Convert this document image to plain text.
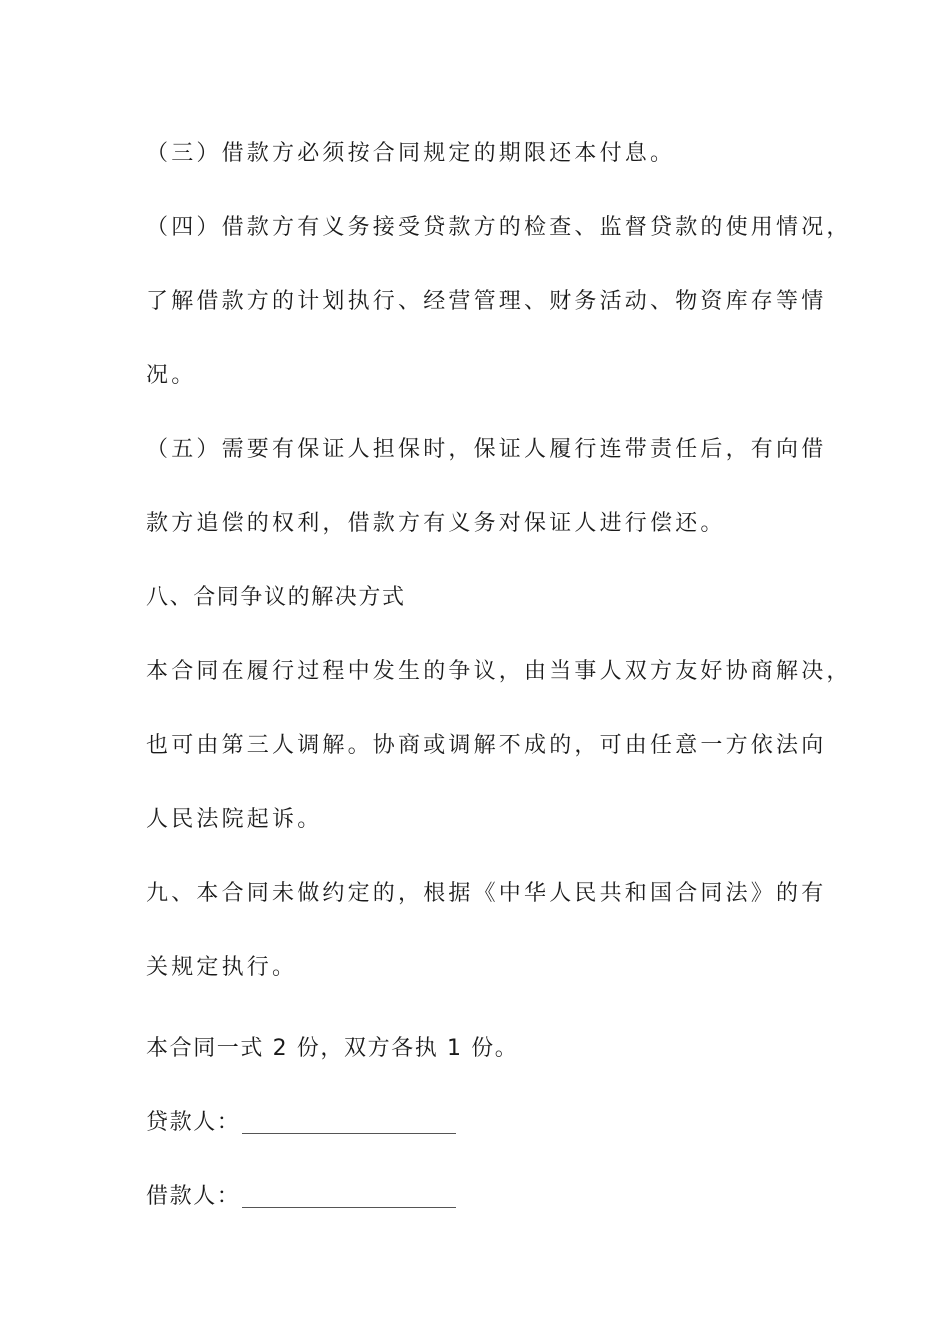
（三）借款方必须按合同规定的期限还本付息。
（四）借款方有义务接受贷款方的检查、监督贷款的使用情况，
了解借款方的计划执行、经营管理、财务活动、物资库存等情
况。
（五）需要有保证人担保时，保证人履行连带责任后，有向借
款方追偿的权利，借款方有义务对保证人进行偿还。
八、合同争议的解决方式
本合同在履行过程中发生的争议，由当事人双方友好协商解决，
也可由第三人调解。协商或调解不成的，可由任意一方依法向
人民法院起诉。
九、本合同未做约定的，根据《中华人民共和国合同法》的有
关规定执行。
本合同一式 2 份，双方各执 1 份。
贷款人：
借款人：
